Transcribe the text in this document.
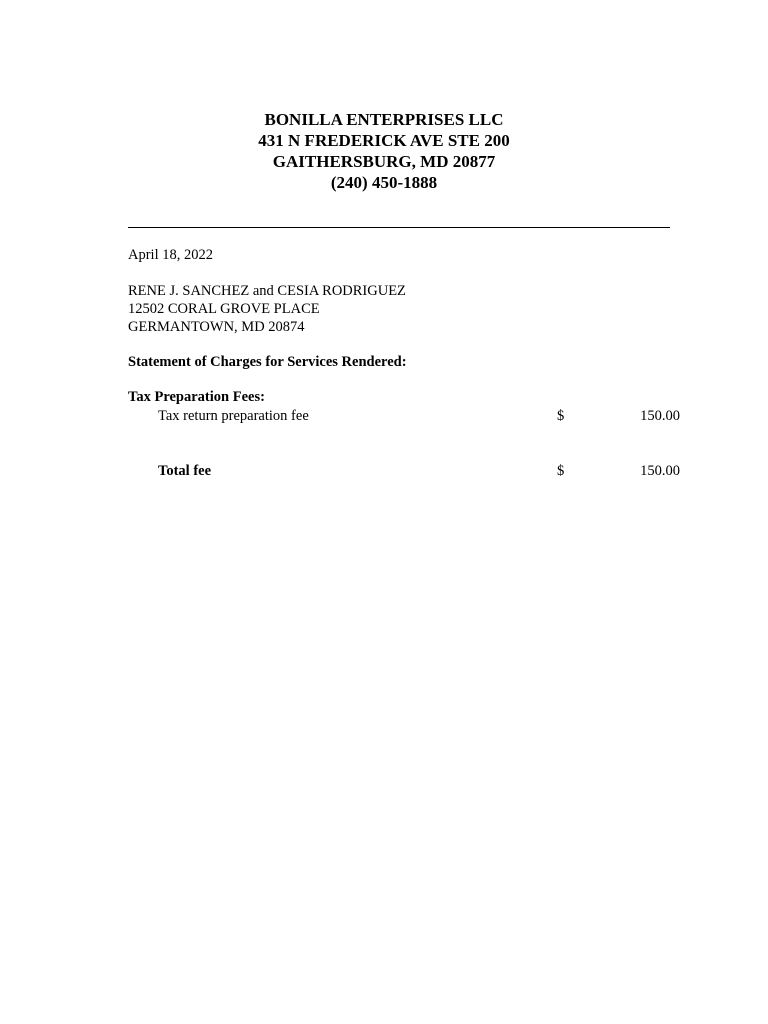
BONILLA ENTERPRISES LLC
431 N FREDERICK AVE STE 200
GAITHERSBURG, MD 20877
(240) 450-1888
April 18, 2022
RENE J. SANCHEZ and CESIA RODRIGUEZ
12502 CORAL GROVE PLACE
GERMANTOWN, MD 20874
Statement of Charges for Services Rendered:
Tax Preparation Fees:
Tax return preparation fee	$	150.00
Total fee	$	150.00
